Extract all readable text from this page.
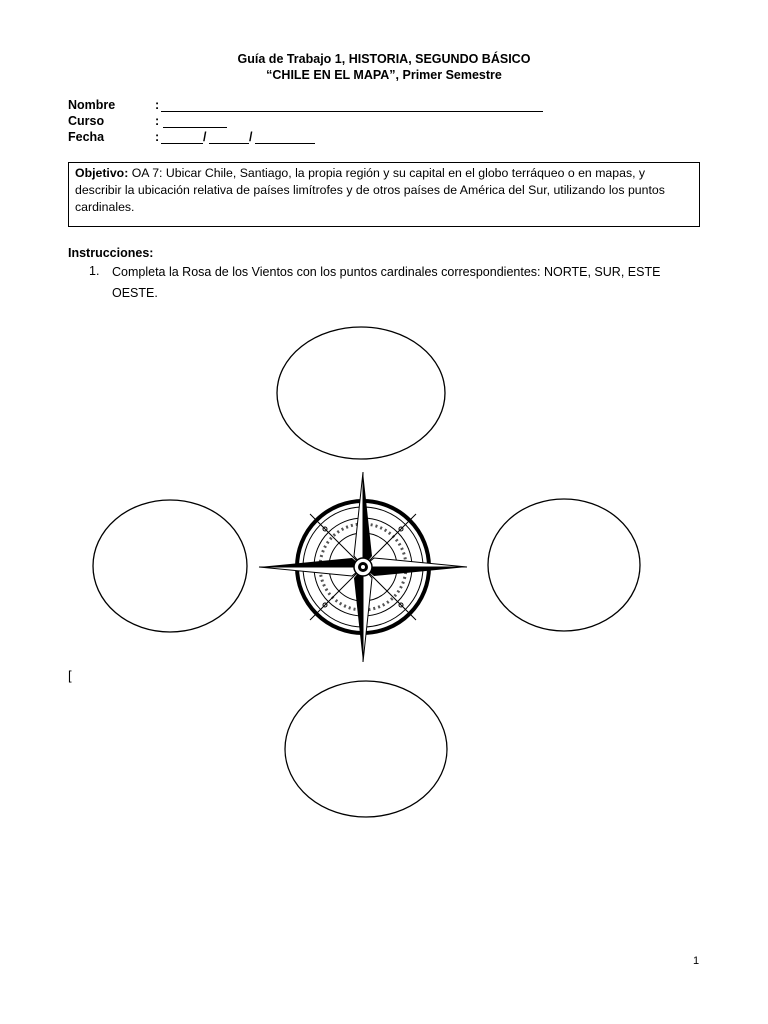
Guía de Trabajo 1, HISTORIA, SEGUNDO BÁSICO
“CHILE EN EL MAPA”, Primer Semestre
Nombre	:
Curso	:
Fecha	:	/	/
Objetivo: OA 7: Ubicar Chile, Santiago, la propia región y su capital en el globo terráqueo o en mapas, y describir la ubicación relativa de países limítrofes y de otros países de América del Sur, utilizando los puntos cardinales.
Instrucciones:
1. Completa la Rosa de los Vientos con los puntos cardinales correspondientes: NORTE, SUR, ESTE OESTE.
[
1
